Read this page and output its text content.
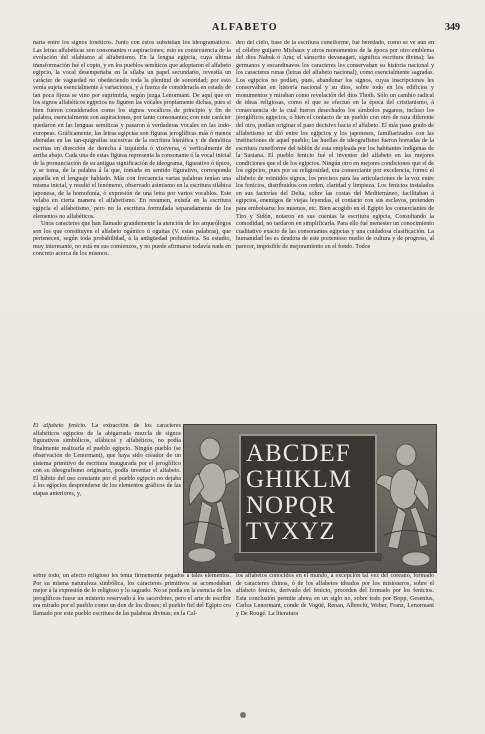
ALFABETO	349

naria entre los signos fonéticos. Junto con éstos subsistían los ideogramáticos. Las letras alfabéticas son consonantes o aspiraciones; esto es consecuencia de la evolución del silabismo al alfabetismo. En la lengua egipcia, cuya última transformación fué el copto, y en los pueblos semíticos que adoptaron el alfabeto egipcio, la vocal desempeñaba en la sílaba un papel secundario, revestía un carácter de vaguedad no obedeciendo toda la plenitud de sonoridad; por esto venía sujeta esencialmente á variaciones, y á fuerza de considerarla en estado de tan poca fijeza se vino por suprimirla, según juzga Lenormant. De aquí que en los signos alfabéticos egipcios no figuren las vocales propiamente dichas, pues si bien fueron considerados como los signos vocálicos de principio y fin de palabra, esencialmente son aspiraciones, por tanto consonantes; con este carácter quedaron en las lenguas semíticas y pasaron á verdaderas vocales en las indo-europeas. Gráficamente, las letras egipcias son figuras jeroglíficas más ó menos alteradas en las tan-quigrafías sucesivas de la escritura hierática y de demótica escritas en dirección de derecha á izquierda ó viceversa, ó verticalmente de arriba abajo. Cada una de estas figuras representa la consonante ó la vocal inicial de la pronunciación de su antigua significación de ideograma, figurativo ó típico, y se toma, de la palabra á la que, tomada en sentido figurativo, corresponda aquella en el lenguaje hablado. Más con frecuencia varias palabras tenían una misma inicial, y resultó el fenómeno, observado asimismo en la escritura silábica japonesa, de la homofonía, ó expresión de una letra por varios vocablos. Este velaba en cierta manera el alfabetismo. En resumen, existía en la escritura egipcia el alfabetismo, pero no la escritura formulada separadamente de los elementos no alfabéticos.

Unos caracteres que han llamado grandemente la atención de los arqueólogos son los que constituyen el alfabeto ogámico ú oguitas (V. estas palabras), que pertenecen, según toda probabilidad, á la antigüedad prehistórica. Su estudio, muy interesante, no está en sus comienzos, y no puede afirmarse todavía nada en concreto acerca de los mismos.

deo del cielo, base de la escritura cuneiforme, fué heredado, como se ve aún en el célebre guijarro Michaux y otros monumentos de la época por otro emblema del dios Nabuk ó Anu; el sánscrito devanagari, significa escritura divina); las germanos y escandinavos los caracteres les conservaban su historia nacional y los caracteres runas (letras del alfabeto nacional), como esencialmente sagradas. Los egipcios no podían, pues, abandonar los signos, cuyas inscripciones les conservaban en historia nacional y su dios, sobre todo en los edificios y monumentos y miraban como revelación del dios Thoth. Sólo un cambio radical de ideas religiosas, como el que se efectuó en la época del cristianismo, á consecuencia de la cual fueron desechados los símbolos paganos, incluso los jeroglíficos egipcios, ó bien el contacto de un pueblo con otro de raza diferente del otro, podían originar el paso decisivo hacia el alfabeto. El más paso grado de alfabetismo se dió entre los egipcios y los japoneses, familiarizados con las instituciones de aquel pueblo; las huellas de ideografismo fueron borradas de la escritura cuneiforme del tablón de esta empleada por los habitantes indígenas de la Susiana. El pueblo fenicio fué el inventor del alfabeto en las mejores condiciones que el de los egipcios. Ningún otro en mejores condiciones que el de los egipcios, pues por su religiosidad, era comerciante por excelencia, formó el alfabeto de veintidós signos, los precisos para las articulaciones de la voz entre los fenicios, distribuidos con orden, claridad y limpieza. Los fenicios instalados en sus factorías del Delta, sobre las costas del Mediterráneo, facilitaban á egipcios, enemigos de viejas leyendas, el contacto con sus esclavos, pretenden para embolsarse los mismos, etc. Bien acogido en el Egipto los comerciantes de Tiro y Sidón, notaron en sus cuentas la escritura egipcia, Consultando la comodidad, no tardaron en simplificarla. Para ello fué menester un conocimiento cualitativo exacto de las consonantes egipcias y una cuidadosa clasificación. La humanidad les es deudora de este portentoso medio de cultura y de progreso, al parecer, imposible de mejoramiento en el fondo. Todos

El alfabeto fenicio. La extracción de los caracteres alfabéticos egipcios de la abigarrada mezcla de signos figurativos simbólicos, silábicos y alfabéticos, no podía finalmente realizarla el pueblo egipcio. Ningún pueblo (se observación de Lenormant), que haya sido creador de un sistema primitivo de escritura inaugurada por el jeroglífico con su ideografismo originario, podía inventar el alfabeto. El hábito del uso constante por el pueblo egipcio no dejaba á los egipcios desprenderse de los elementos gráficos de las etapas anteriores, y,

ABCDEF
GHIKLM
NOPQR
TVXYZ

sobre todo, un afecto religioso les tenía firmemente pegados á tales elementos. Por su misma naturaleza simbólica, los caracteres primitivos se acomodaban mejor á la expresión de lo religioso y lo sagrado. No se podía en la esencia de los jeroglíficos fuese un misterio reservado á los sacerdotes, pero el arte de escribir era mirado por el pueblo como un don de los dioses; el pueblo fiel del Egipto cru llamado por este pueblo escritura de las palabras divinas; en la Cal-

los alfabetos conocidos en el mundo, á excepción tal vez del coreano, formado de caracteres chinos, ó de los alfabetos ideados por los misioneros, sobre el alfabeto fenicio, derivado del fenicio, proceden del formado por los fenicios. Esta conclusión permite ahora en un siglo no, sobre todo por Bopp, Gesenius, Carlos Lenormant, conde de Vogüé, Renan, Albrecht, Weber, Franz, Lenormant y De Rougé. La literatura
